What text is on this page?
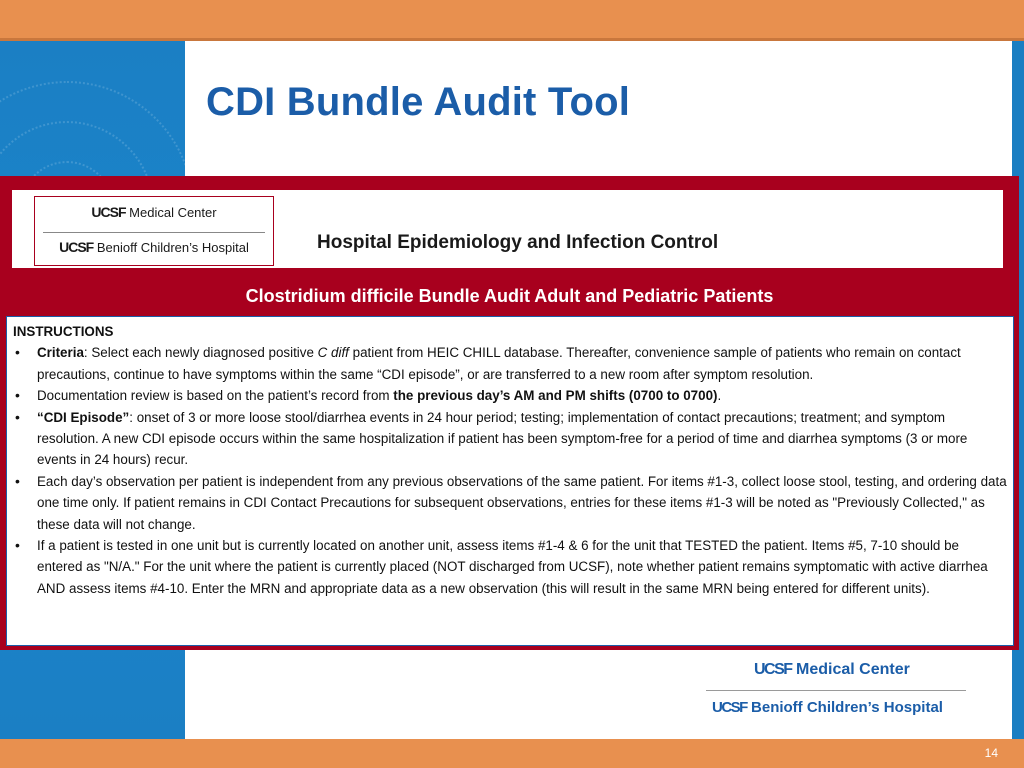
CDI Bundle Audit Tool
UCSF Medical Center
UCSF Benioff Children’s Hospital	Hospital Epidemiology and Infection Control
Clostridium difficile Bundle Audit Adult and Pediatric Patients
INSTRUCTIONS
• Criteria: Select each newly diagnosed positive C diff patient from HEIC CHILL database. Thereafter, convenience sample of patients who remain on contact precautions, continue to have symptoms within the same “CDI episode”, or are transferred to a new room after symptom resolution.
• Documentation review is based on the patient’s record from the previous day’s AM and PM shifts (0700 to 0700).
• “CDI Episode”: onset of 3 or more loose stool/diarrhea events in 24 hour period; testing; implementation of contact precautions; treatment; and symptom resolution. A new CDI episode occurs within the same hospitalization if patient has been symptom-free for a period of time and diarrhea symptoms (3 or more events in 24 hours) recur.
• Each day’s observation per patient is independent from any previous observations of the same patient. For items #1-3, collect loose stool, testing, and ordering data one time only. If patient remains in CDI Contact Precautions for subsequent observations, entries for these items #1-3 will be noted as "Previously Collected," as these data will not change.
• If a patient is tested in one unit but is currently located on another unit, assess items #1-4 & 6 for the unit that TESTED the patient. Items #5, 7-10 should be entered as "N/A." For the unit where the patient is currently placed (NOT discharged from UCSF), note whether patient remains symptomatic with active diarrhea AND assess items #4-10. Enter the MRN and appropriate data as a new observation (this will result in the same MRN being entered for different units).
UCSF Medical Center
UCSF Benioff Children’s Hospital
14
